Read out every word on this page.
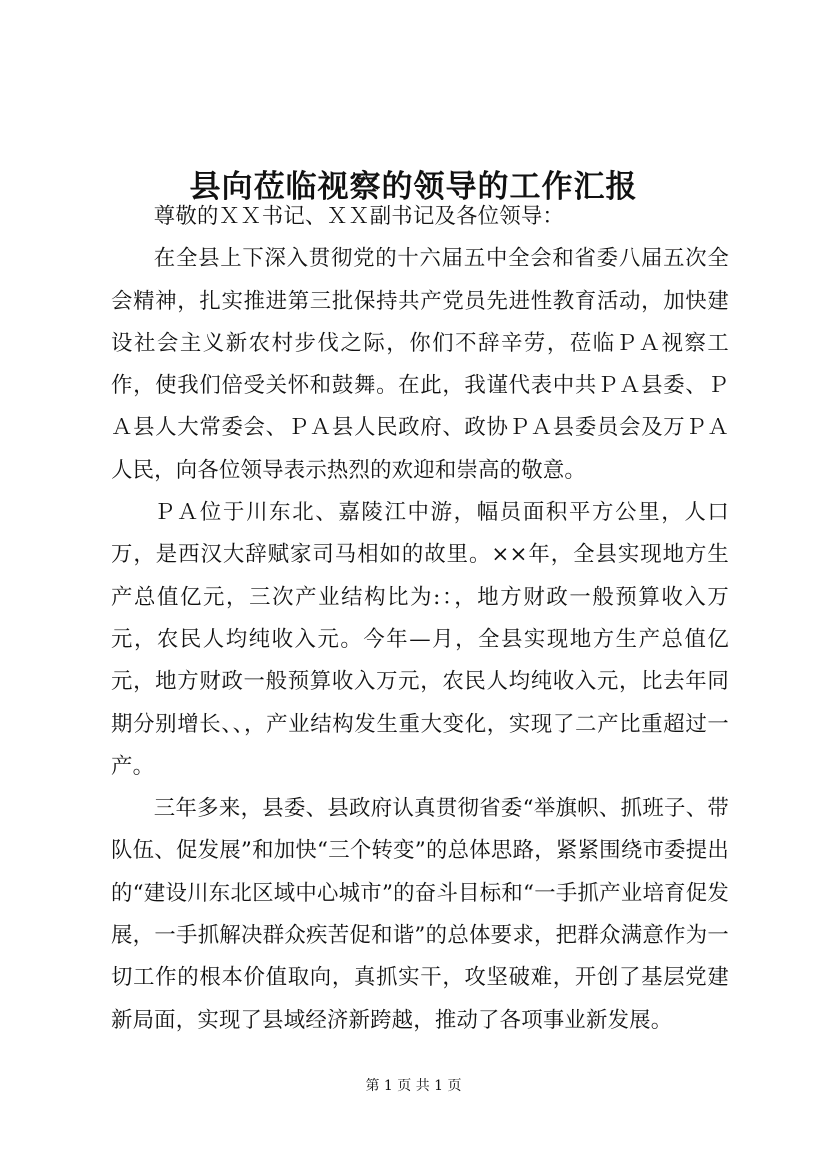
县向莅临视察的领导的工作汇报

尊敬的ＸＸ书记、ＸＸ副书记及各位领导：

在全县上下深入贯彻党的十六届五中全会和省委八届五次全会精神，扎实推进第三批保持共产党员先进性教育活动，加快建设社会主义新农村步伐之际，你们不辞辛劳，莅临ＰＡ视察工作，使我们倍受关怀和鼓舞。在此，我谨代表中共ＰＡ县委、ＰＡ县人大常委会、ＰＡ县人民政府、政协ＰＡ县委员会及万ＰＡ人民，向各位领导表示热烈的欢迎和崇高的敬意。

ＰＡ位于川东北、嘉陵江中游，幅员面积平方公里，人口万，是西汉大辞赋家司马相如的故里。××年，全县实现地方生产总值亿元，三次产业结构比为:：，地方财政一般预算收入万元，农民人均纯收入元。今年—月，全县实现地方生产总值亿元，地方财政一般预算收入万元，农民人均纯收入元，比去年同期分别增长、、，产业结构发生重大变化，实现了二产比重超过一产。

三年多来，县委、县政府认真贯彻省委“举旗帜、抓班子、带队伍、促发展”和加快“三个转变”的总体思路，紧紧围绕市委提出的“建设川东北区域中心城市”的奋斗目标和“一手抓产业培育促发展，一手抓解决群众疾苦促和谐”的总体要求，把群众满意作为一切工作的根本价值取向，真抓实干，攻坚破难，开创了基层党建新局面，实现了县域经济新跨越，推动了各项事业新发展。

第 1 页 共 1 页
